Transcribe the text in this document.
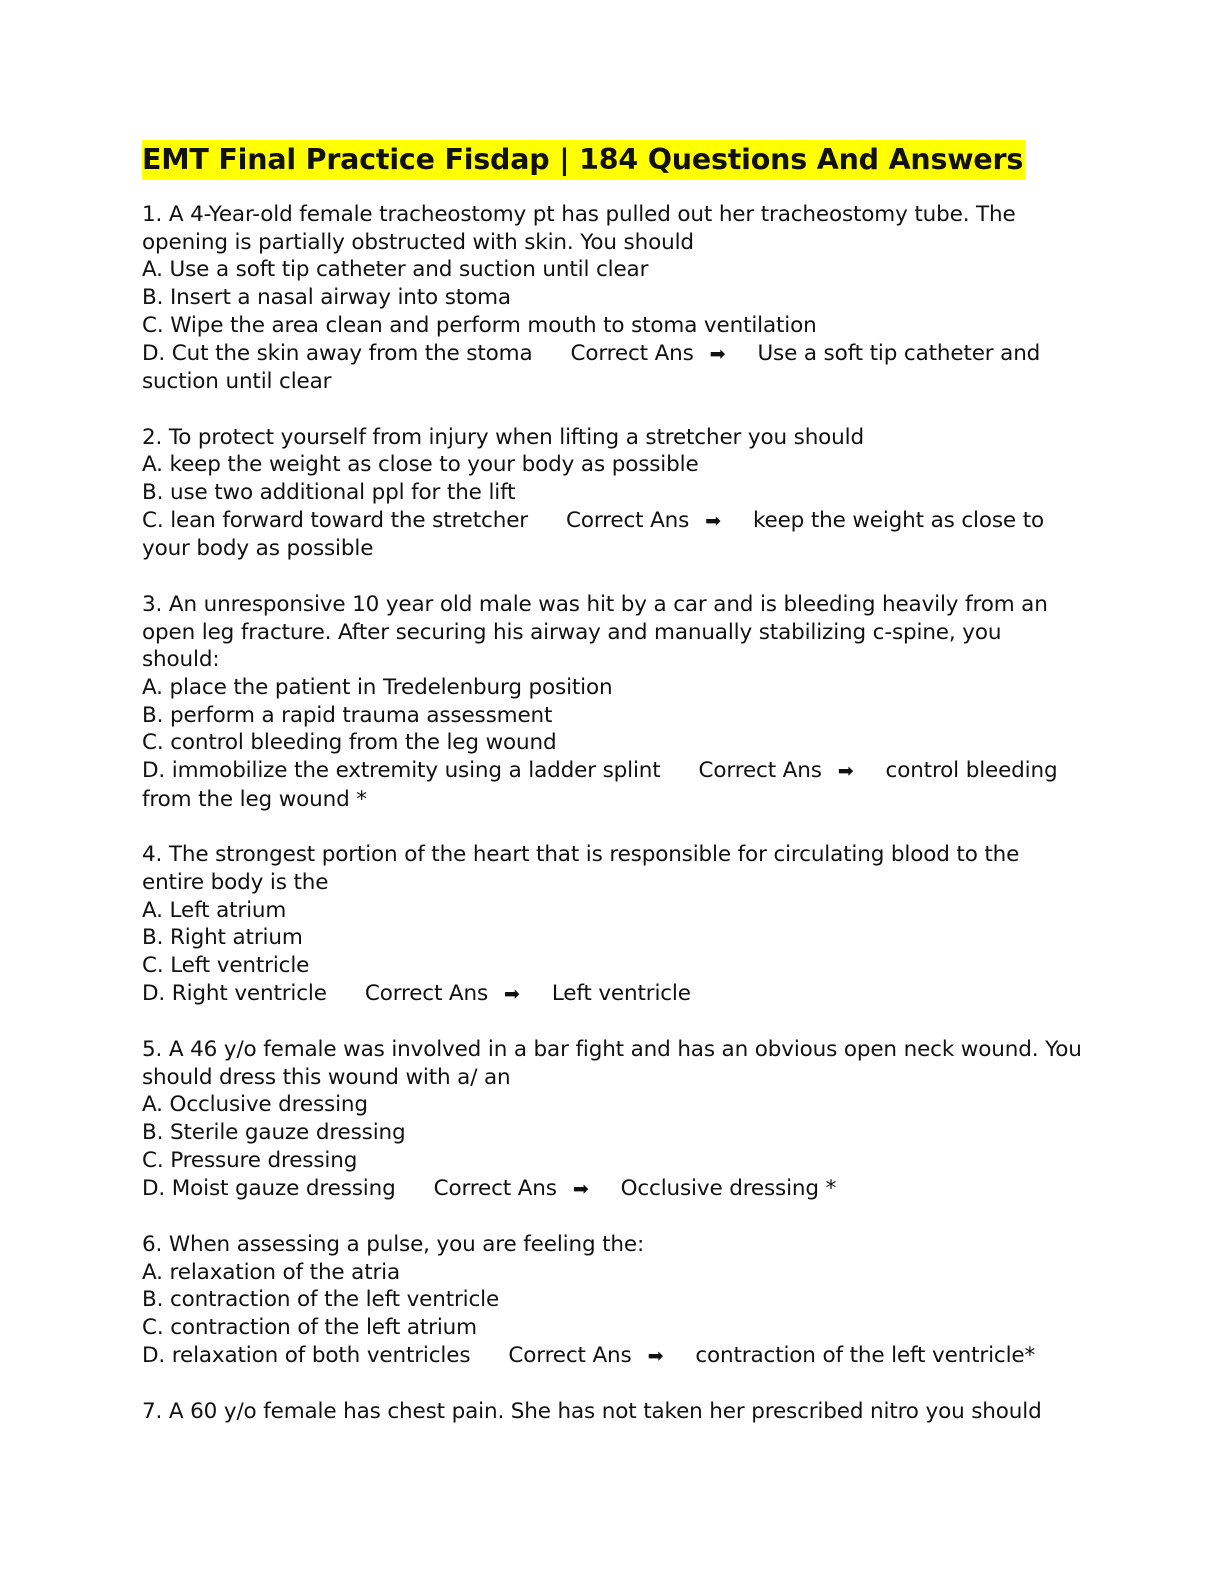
EMT Final Practice Fisdap | 184 Questions And Answers
1. A 4-Year-old female tracheostomy pt has pulled out her tracheostomy tube. The opening is partially obstructed with skin. You should
A. Use a soft tip catheter and suction until clear
B. Insert a nasal airway into stoma
C. Wipe the area clean and perform mouth to stoma ventilation
D. Cut the skin away from the stoma Correct Ans ➡ Use a soft tip catheter and suction until clear
2. To protect yourself from injury when lifting a stretcher you should
A. keep the weight as close to your body as possible
B. use two additional ppl for the lift
C. lean forward toward the stretcher Correct Ans ➡ keep the weight as close to your body as possible
3. An unresponsive 10 year old male was hit by a car and is bleeding heavily from an open leg fracture. After securing his airway and manually stabilizing c-spine, you should:
A. place the patient in Tredelenburg position
B. perform a rapid trauma assessment
C. control bleeding from the leg wound
D. immobilize the extremity using a ladder splint Correct Ans ➡ control bleeding from the leg wound *
4. The strongest portion of the heart that is responsible for circulating blood to the entire body is the
A. Left atrium
B. Right atrium
C. Left ventricle
D. Right ventricle Correct Ans ➡ Left ventricle
5. A 46 y/o female was involved in a bar fight and has an obvious open neck wound. You should dress this wound with a/ an
A. Occlusive dressing
B. Sterile gauze dressing
C. Pressure dressing
D. Moist gauze dressing Correct Ans ➡ Occlusive dressing *
6. When assessing a pulse, you are feeling the:
A. relaxation of the atria
B. contraction of the left ventricle
C. contraction of the left atrium
D. relaxation of both ventricles Correct Ans ➡ contraction of the left ventricle*
7. A 60 y/o female has chest pain. She has not taken her prescribed nitro you should
